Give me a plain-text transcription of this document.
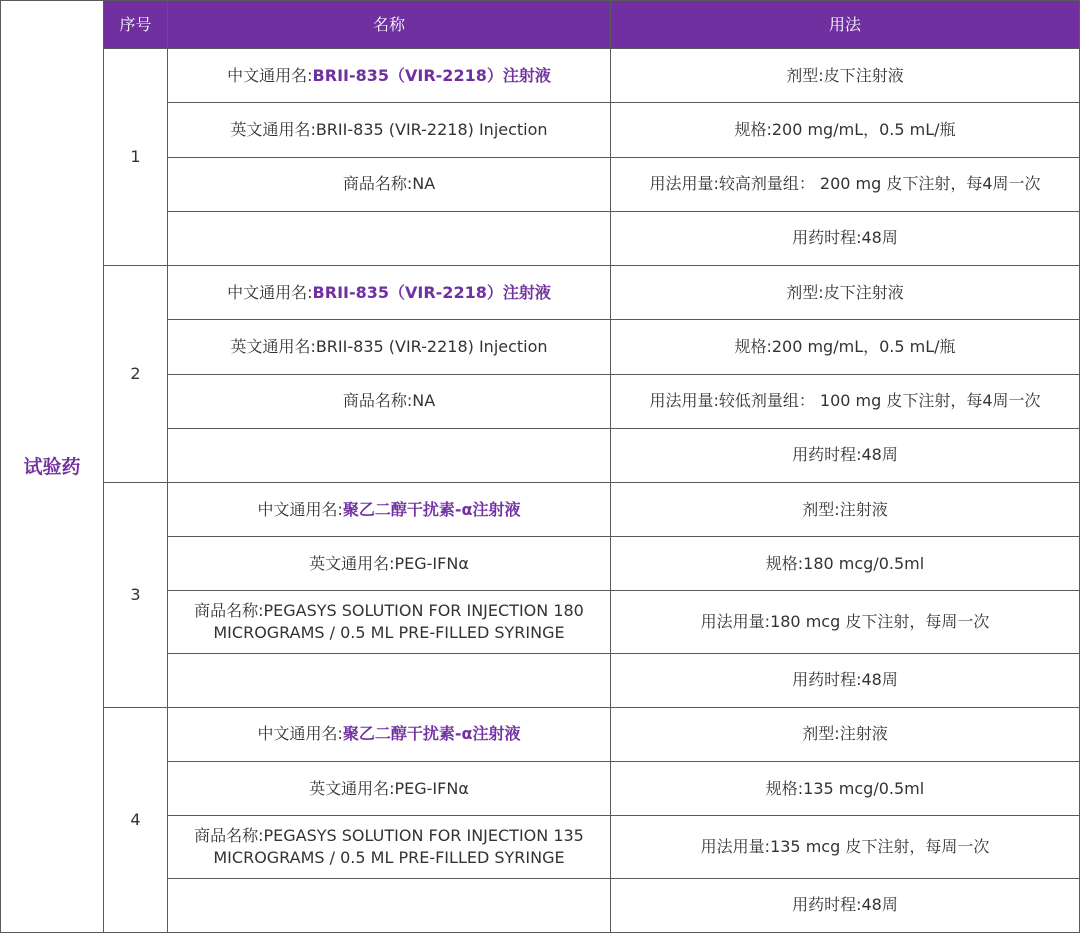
试验药	序号	名称	用法
	1	中文通用名:BRII-835（VIR-2218）注射液	剂型:皮下注射液
		英文通用名:BRII-835 (VIR-2218) Injection	规格:200 mg/mL，0.5 mL/瓶
		商品名称:NA	用法用量:较高剂量组： 200 mg 皮下注射，每4周一次
			用药时程:48周
	2	中文通用名:BRII-835（VIR-2218）注射液	剂型:皮下注射液
		英文通用名:BRII-835 (VIR-2218) Injection	规格:200 mg/mL，0.5 mL/瓶
		商品名称:NA	用法用量:较低剂量组： 100 mg 皮下注射，每4周一次
			用药时程:48周
	3	中文通用名:聚乙二醇干扰素-α注射液	剂型:注射液
		英文通用名:PEG-IFNα	规格:180 mcg/0.5ml
		商品名称:PEGASYS SOLUTION FOR INJECTION 180 MICROGRAMS / 0.5 ML PRE-FILLED SYRINGE	用法用量:180 mcg 皮下注射，每周一次
			用药时程:48周
	4	中文通用名:聚乙二醇干扰素-α注射液	剂型:注射液
		英文通用名:PEG-IFNα	规格:135 mcg/0.5ml
		商品名称:PEGASYS SOLUTION FOR INJECTION 135 MICROGRAMS / 0.5 ML PRE-FILLED SYRINGE	用法用量:135 mcg 皮下注射，每周一次
			用药时程:48周
